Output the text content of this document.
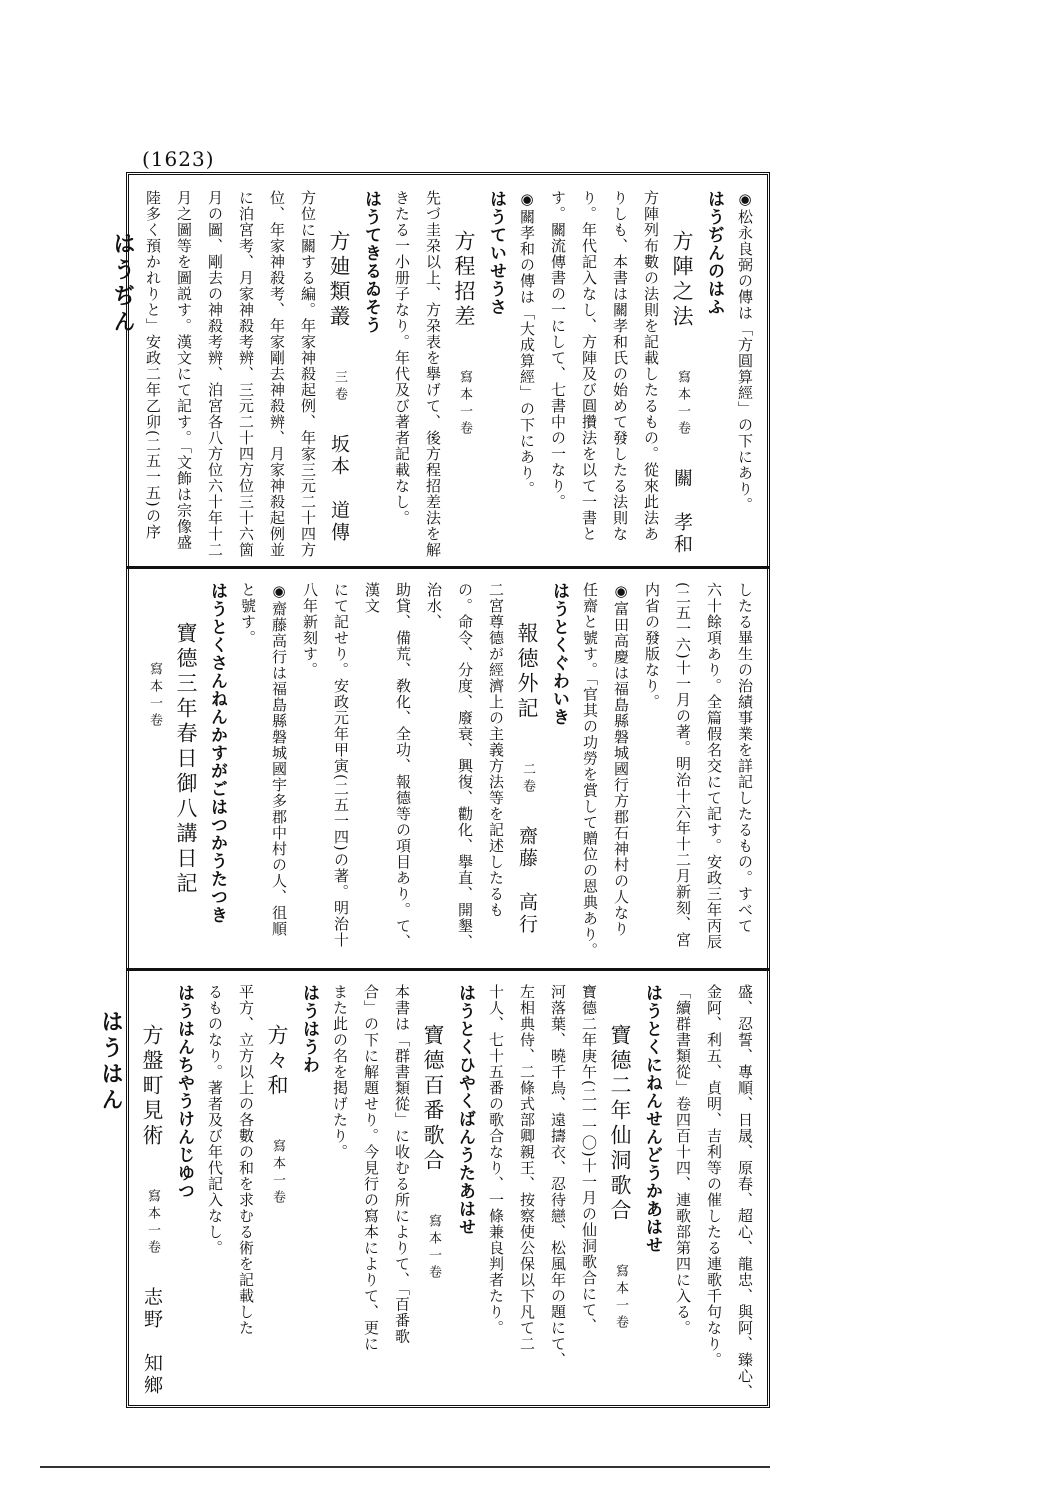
(1623)
はうぢん
はうはん

◉松永良弼の傳は「方圓算經」の下にあり。

はうぢんのはふ

方陣之法寫本一卷關　孝和

方陣列布數の法則を記載したるもの。從來此法あ

りしも、本書は關孝和氏の始めて發したる法則な

り。年代記入なし、方陣及び圓攢法を以て一書と

す。關流傳書の一にして、七書中の一なり。

◉關孝和の傳は「大成算經」の下にあり。

はうていせうさ

方程招差寫本一卷

先づ圭朶以上、方朶表を擧げて、後方程招差法を解

きたる一小册子なり。年代及び著者記載なし。

はうてきるゐそう

方廸類叢三卷坂本　道傳

方位に關する編。年家神殺起例、年家三元二十四方

位、年家神殺考、年家剛去神殺辨、月家神殺起例並

に泊宮考、月家神殺考辨、三元二十四方位三十六箇

月の圖、剛去の神殺考辨、泊宮各八方位六十年十二

月之圖等を圖説す。漢文にて記す。「文飾は宗像盛

陸多く預かれりと」安政二年乙卯(二五一五)の序

したる畢生の治績事業を詳記したるもの。すべて

六十餘項あり。全篇假名交にて記す。安政三年丙辰

(二五一六)十一月の著。明治十六年十二月新刻、宮

内省の發版なり。

◉富田高慶は福島縣磐城國行方郡石神村の人なり

任齋と號す。「官其の功勞を賞して贈位の恩典あり。

はうとくぐわいき

報徳外記二卷齋藤　高行

二宮尊德が經濟上の主義方法等を記述したるも

の。命令、分度、廢衰、興復、勸化、擧直、開墾、治水、

助貸、備荒、敎化、全功、報德等の項目あり。て、漢文

にて記せり。安政元年甲寅(二五一四)の著。明治十

八年新刻す。

◉齋藤高行は福島縣磐城國宇多郡中村の人、徂順

と號す。

はうとくさんねんかすがごはつかうたつき

寶德三年春日御八講日記寫本一卷

盛、忍誓、專順、日晟、原春、超心、龍忠、與阿、臻心、

金阿、利五、貞明、吉利等の催したる連歌千句なり。

「續群書類從」卷四百十四、連歌部第四に入る。

はうとくにねんせんどうかあはせ

寶德二年仙洞歌合寫本一卷

寶德二年庚午(二一一〇)十一月の仙洞歌合にて、

河落葉、曉千鳥、遠擣衣、忍待戀、松風年の題にて、

左相典侍、二條式部卿親王、按察使公保以下凡て二

十人、七十五番の歌合なり、一條兼良判者たり。

はうとくひやくばんうたあはせ

寶德百番歌合寫本一卷

本書は「群書類從」に收むる所によりて、「百番歌

合」の下に解題せり。今見行の寫本によりて、更に

また此の名を掲げたり。

はうはうわ

方々和寫本一卷

平方、立方以上の各數の和を求むる術を記載した

るものなり。著者及び年代記入なし。

はうはんちやうけんじゆつ

方盤町見術寫本一卷志野　知鄉
